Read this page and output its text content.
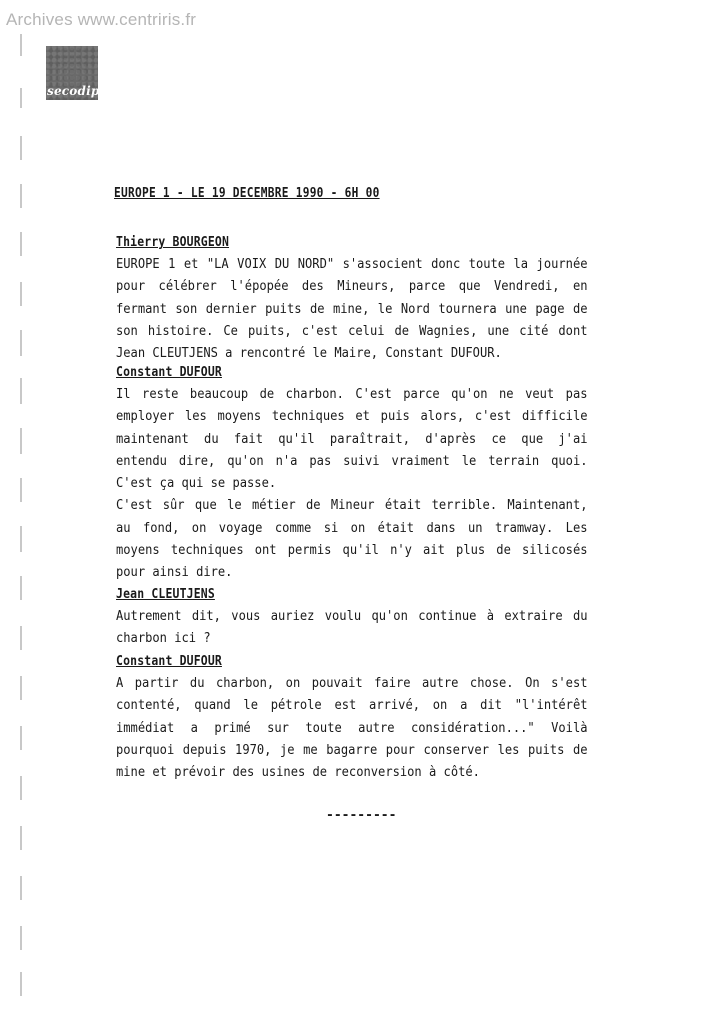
Archives www.centriris.fr
secodip
EUROPE 1 - LE 19 DECEMBRE 1990 - 6H 00
Thierry BOURGEON
EUROPE 1 et "LA VOIX DU NORD" s'associent donc toute la journée
pour célébrer l'épopée des Mineurs, parce que Vendredi, en
fermant son dernier puits de mine, le Nord tournera une page de
son histoire. Ce puits, c'est celui de Wagnies, une cité dont
Jean CLEUTJENS a rencontré le Maire, Constant DUFOUR.
Constant DUFOUR
Il reste beaucoup de charbon. C'est parce qu'on ne veut pas
employer les moyens techniques et puis alors, c'est difficile
maintenant du fait qu'il paraîtrait, d'après ce que j'ai
entendu dire, qu'on n'a pas suivi vraiment le terrain quoi.
C'est ça qui se passe.
C'est sûr que le métier de Mineur était terrible. Maintenant,
au fond, on voyage comme si on était dans un tramway. Les
moyens techniques ont permis qu'il n'y ait plus de silicosés
pour ainsi dire.
Jean CLEUTJENS
Autrement dit, vous auriez voulu qu'on continue à extraire du
charbon ici ?
Constant DUFOUR
A partir du charbon, on pouvait faire autre chose. On s'est
contenté, quand le pétrole est arrivé, on a dit "l'intérêt
immédiat a primé sur toute autre considération..." Voilà
pourquoi depuis 1970, je me bagarre pour conserver les puits de
mine et prévoir des usines de reconversion à côté.
---------
